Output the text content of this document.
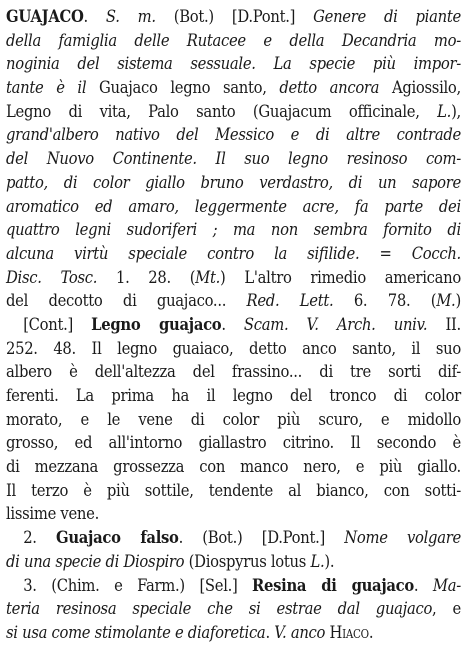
GUAJACO. S. m. (Bot.) [D.Pont.] Genere di piante
della famiglia delle Rutacee e della Decandria mo-
noginia del sistema sessuale. La specie più impor-
tante è il Guajaco legno santo, detto ancora Agiossilo,
Legno di vita, Palo santo (Guajacum officinale, L.),
grand'albero nativo del Messico e di altre contrade
del Nuovo Continente. Il suo legno resinoso com-
patto, di color giallo bruno verdastro, di un sapore
aromatico ed amaro, leggermente acre, fa parte dei
quattro legni sudoriferi ; ma non sembra fornito di
alcuna virtù speciale contro la sifilide. = Cocch.
Disc. Tosc. 1. 28. (Mt.) L'altro rimedio americano
del decotto di guajaco... Red. Lett. 6. 78. (M.)
[Cont.] Legno guajaco. Scam. V. Arch. univ. II.
252. 48. Il legno guaiaco, detto anco santo, il suo
albero è dell'altezza del frassino... di tre sorti dif-
ferenti. La prima ha il legno del tronco di color
morato, e le vene di color più scuro, e midollo
grosso, ed all'intorno giallastro citrino. Il secondo è
di mezzana grossezza con manco nero, e più giallo.
Il terzo è più sottile, tendente al bianco, con sotti-
lissime vene.
2. Guajaco falso. (Bot.) [D.Pont.] Nome volgare
di una specie di Diospiro (Diospyrus lotus L.).
3. (Chim. e Farm.) [Sel.] Resina di guajaco. Ma-
teria resinosa speciale che si estrae dal guajaco, e
si usa come stimolante e diaforetica. V. anco Hiaco.
